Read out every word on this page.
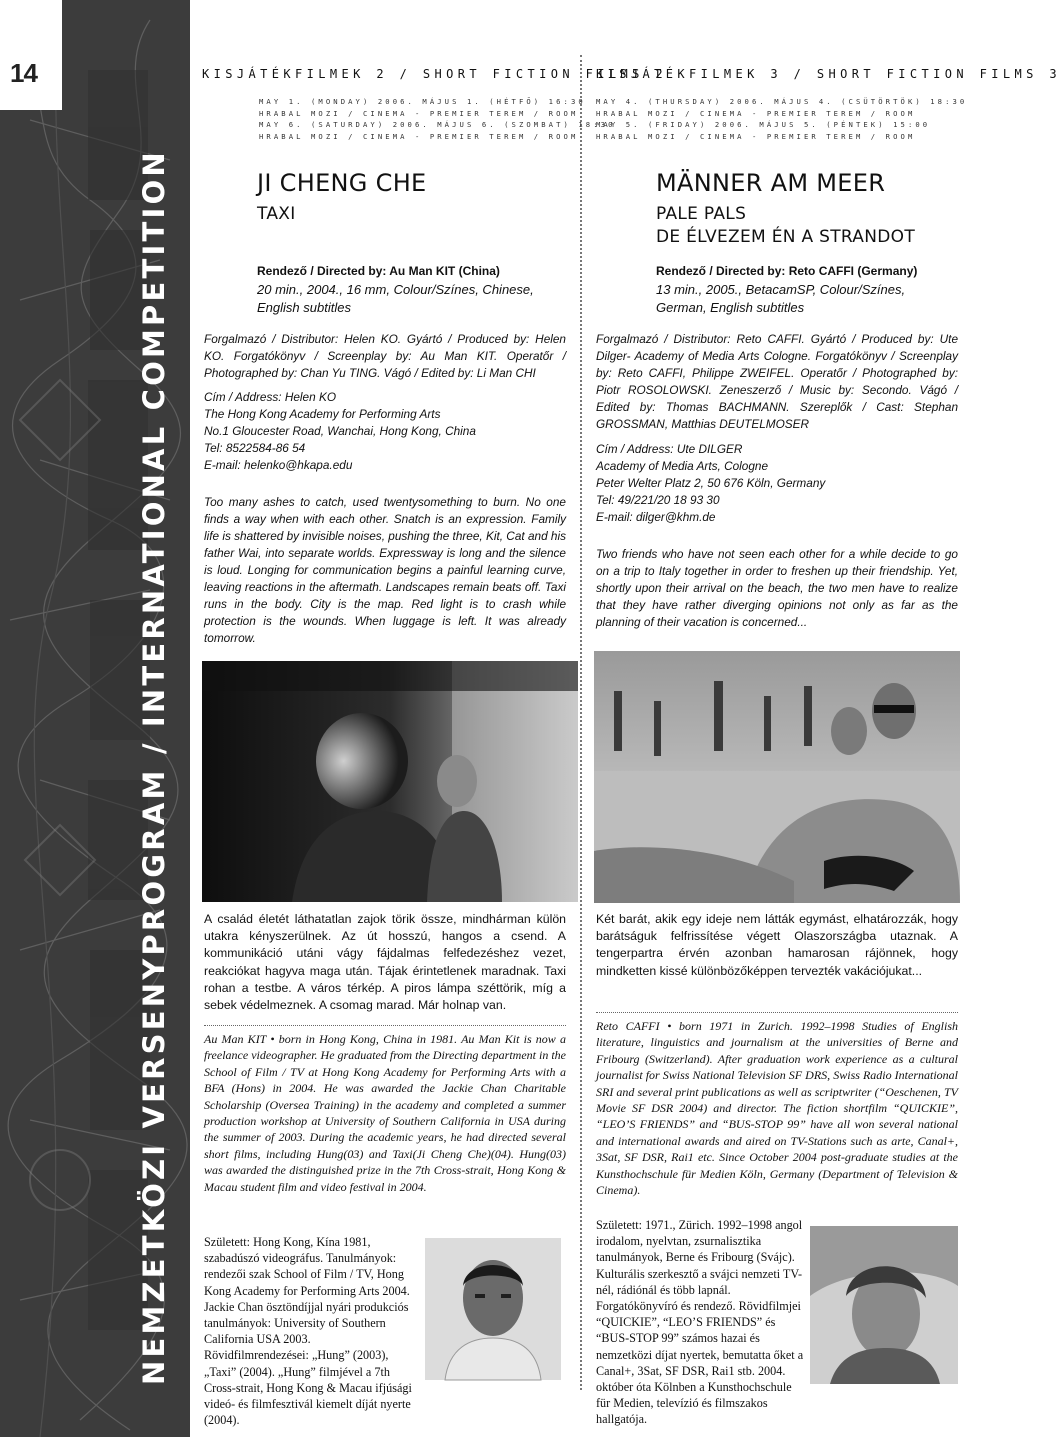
14
NEMZETKÖZI VERSENYPROGRAM / INTERNATIONAL COMPETITION
KISJÁTÉKFILMEK 2 / SHORT FICTION FILMS 2
MAY 1. (MONDAY) 2006. MÁJUS 1. (HÉTFŐ) 16:30
HRABAL MOZI / CINEMA - PREMIER TEREM / ROOM
MAY 6. (SATURDAY) 2006. MÁJUS 6. (SZOMBAT) 18:30
HRABAL MOZI / CINEMA - PREMIER TEREM / ROOM
JI CHENG CHE
TAXI
Rendező / Directed by: Au Man KIT (China)
20 min., 2004., 16 mm, Colour/Színes, Chinese, English subtitles
Forgalmazó / Distributor: Helen KO. Gyártó / Produced by: Helen KO. Forgatókönyv / Screenplay by: Au Man KIT. Operatőr / Photographed by: Chan Yu TING. Vágó / Edited by: Li Man CHI
Cím / Address: Helen KO
The Hong Kong Academy for Performing Arts
No.1 Gloucester Road, Wanchai, Hong Kong, China
Tel: 8522584-86 54
E-mail: helenko@hkapa.edu
Too many ashes to catch, used twentysomething to burn. No one finds a way when with each other. Snatch is an expression. Family life is shattered by invisible noises, pushing the three, Kit, Cat and his father Wai, into separate worlds. Expressway is long and the silence is loud. Longing for communication begins a painful learning curve, leaving reactions in the aftermath. Landscapes remain beats off. Taxi runs in the body. City is the map. Red light is to crash while protection is the wounds. When luggage is left. It was already tomorrow.
A család életét láthatatlan zajok törik össze, mindhárman külön utakra kényszerülnek. Az út hosszú, hangos a csend. A kommunikáció utáni vágy fájdalmas felfedezéshez vezet, reakciókat hagyva maga után. Tájak érintetlenek maradnak. Taxi rohan a testbe. A város térkép. A piros lámpa széttörik, míg a sebek védelmeznek. A csomag marad. Már holnap van.
Au Man KIT • born in Hong Kong, China in 1981. Au Man Kit is now a freelance videographer. He graduated from the Directing department in the School of Film / TV at Hong Kong Academy for Performing Arts with a BFA (Hons) in 2004. He was awarded the Jackie Chan Charitable Scholarship (Oversea Training) in the academy and completed a summer production workshop at University of Southern California in USA during the summer of 2003. During the academic years, he had directed several short films, including Hung(03) and Taxi(Ji Cheng Che)(04). Hung(03) was awarded the distinguished prize in the 7th Cross-strait, Hong Kong & Macau student film and video festival in 2004.
Született: Hong Kong, Kína 1981, szabadúszó videográfus. Tanulmányok: rendezői szak School of Film / TV, Hong Kong Academy for Performing Arts 2004. Jackie Chan ösztöndíjjal nyári produkciós tanulmányok: University of Southern California USA 2003. Rövidfilmrendezései: „Hung” (2003), „Taxi” (2004). „Hung” filmjével a 7th Cross-strait, Hong Kong & Macau ifjúsági videó- és filmfesztivál kiemelt díját nyerte (2004).
KISJÁTÉKFILMEK 3 / SHORT FICTION FILMS 3
MAY 4. (THURSDAY) 2006. MÁJUS 4. (CSÜTÖRTÖK) 18:30
HRABAL MOZI / CINEMA - PREMIER TEREM / ROOM
MAY 5. (FRIDAY) 2006. MÁJUS 5. (PÉNTEK) 15:00
HRABAL MOZI / CINEMA - PREMIER TEREM / ROOM
MÄNNER AM MEER
PALE PALS
DE ÉLVEZEM ÉN A STRANDOT
Rendező / Directed by: Reto CAFFI (Germany)
13 min., 2005., BetacamSP, Colour/Színes, German, English subtitles
Forgalmazó / Distributor: Reto CAFFI. Gyártó / Produced by: Ute Dilger- Academy of Media Arts Cologne. Forgatókönyv / Screenplay by: Reto CAFFI, Philippe ZWEIFEL. Operatőr / Photographed by: Piotr ROSOLOWSKI. Zeneszerző / Music by: Secondo. Vágó / Edited by: Thomas BACHMANN. Szereplők / Cast: Stephan GROSSMAN, Matthias DEUTELMOSER
Cím / Address: Ute DILGER
Academy of Media Arts, Cologne
Peter Welter Platz 2, 50 676 Köln, Germany
Tel: 49/221/20 18 93 30
E-mail: dilger@khm.de
Two friends who have not seen each other for a while decide to go on a trip to Italy together in order to freshen up their friendship. Yet, shortly upon their arrival on the beach, the two men have to realize that they have rather diverging opinions not only as far as the planning of their vacation is concerned...
Két barát, akik egy ideje nem látták egymást, elhatározzák, hogy barátságuk felfrissítése végett Olaszországba utaznak. A tengerpartra érvén azonban hamarosan rájönnek, hogy mindketten kissé különbözőképpen tervezték vakációjukat...
Reto CAFFI • born 1971 in Zurich. 1992–1998 Studies of English literature, linguistics and journalism at the universities of Berne and Fribourg (Switzerland). After graduation work experience as a cultural journalist for Swiss National Television SF DRS, Swiss Radio International SRI and several print publications as well as scriptwriter (“Oeschenen, TV Movie SF DSR 2004) and director. The fiction shortfilm “QUICKIE”, “LEO’S FRIENDS” and “BUS-STOP 99” have all won several national and international awards and aired on TV-Stations such as arte, Canal+, 3Sat, SF DSR, Rai1 etc. Since October 2004 post-graduate studies at the Kunsthochschule für Medien Köln, Germany (Department of Television & Cinema).
Született: 1971., Zürich. 1992–1998 angol irodalom, nyelvtan, zsurnalisztika tanulmányok, Berne és Fribourg (Svájc). Kulturális szerkesztő a svájci nemzeti TV-nél, rádiónál és több lapnál. Forgatókönyvíró és rendező. Rövidfilmjei “QUICKIE”, “LEO’S FRIENDS” és “BUS-STOP 99” számos hazai és nemzetközi díjat nyertek, bemutatta őket a Canal+, 3Sat, SF DSR, Rai1 stb. 2004. október óta Kölnben a Kunsthochschule für Medien, televízió és filmszakos hallgatója.
